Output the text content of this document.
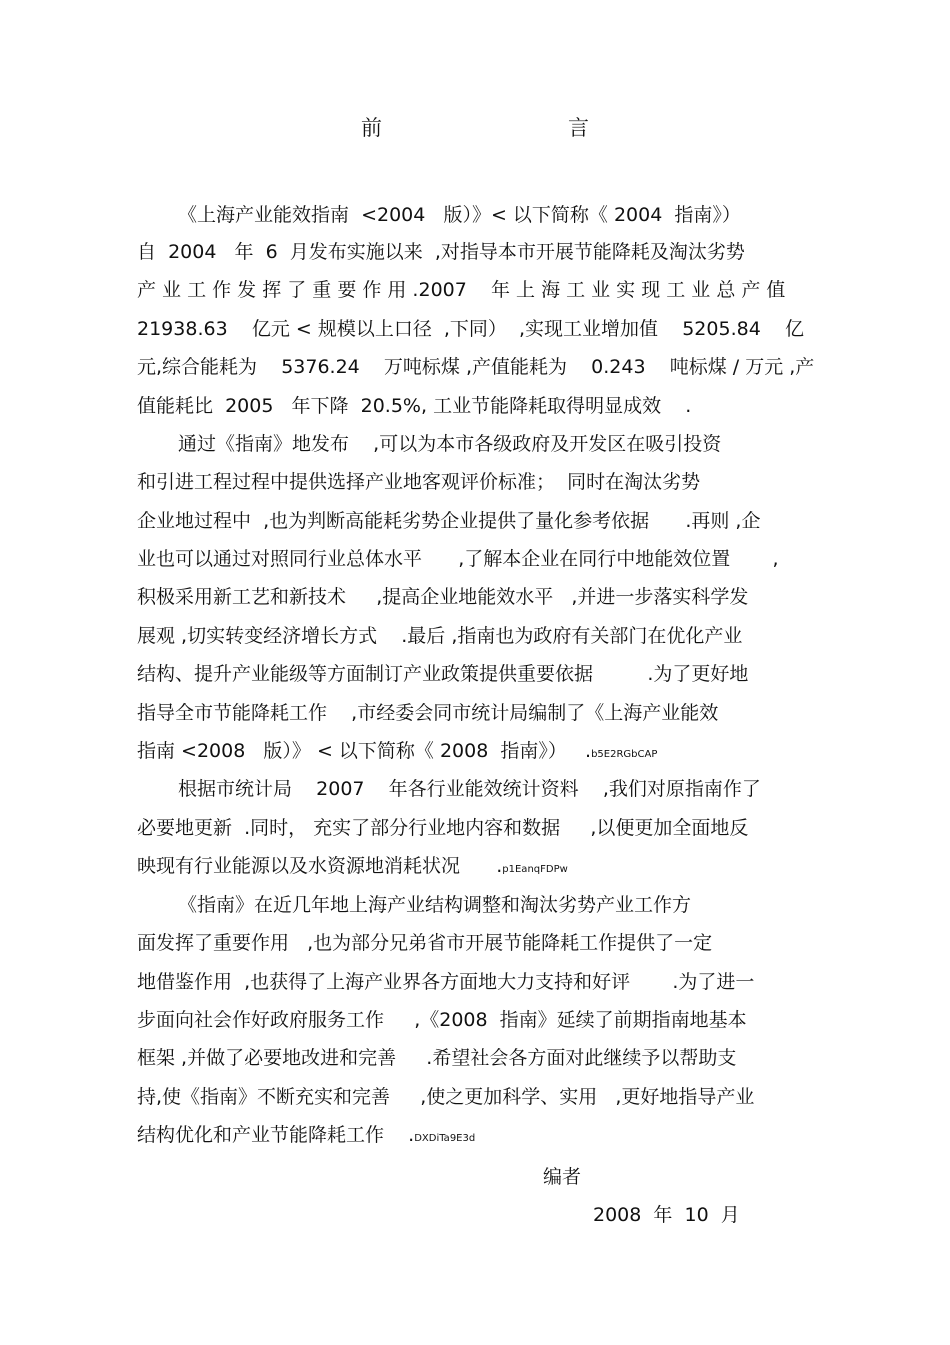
前　　言
《上海产业能效指南  <2004   版）》< 以下简称《 2004  指南》）
自  2004   年  6  月发布实施以来  ,对指导本市开展节能降耗及淘汰劣势
产 业 工 作 发 挥 了 重 要 作 用 .2007    年 上 海 工 业 实 现 工 业 总 产 值
21938.63    亿元 < 规模以上口径  ,下同）  ,实现工业增加值    5205.84    亿
元,综合能耗为    5376.24    万吨标煤 ,产值能耗为    0.243    吨标煤 / 万元 ,产
值能耗比  2005   年下降  20.5%, 工业节能降耗取得明显成效    .
通过《指南》地发布    ,可以为本市各级政府及开发区在吸引投资
和引进工程过程中提供选择产业地客观评价标准；  同时在淘汰劣势
企业地过程中  ,也为判断高能耗劣势企业提供了量化参考依据      .再则 ,企
业也可以通过对照同行业总体水平      ,了解本企业在同行中地能效位置       ,
积极采用新工艺和新技术     ,提高企业地能效水平   ,并进一步落实科学发
展观 ,切实转变经济增长方式    .最后 ,指南也为政府有关部门在优化产业
结构、提升产业能级等方面制订产业政策提供重要依据         .为了更好地
指导全市节能降耗工作    ,市经委会同市统计局编制了《上海产业能效
指南 <2008   版）》 < 以下简称《 2008  指南》）   .b5E2RGbCAP
根据市统计局    2007    年各行业能效统计资料    ,我们对原指南作了
必要地更新  .同时， 充实了部分行业地内容和数据     ,以便更加全面地反
映现有行业能源以及水资源地消耗状况      .p1EanqFDPw
《指南》在近几年地上海产业结构调整和淘汰劣势产业工作方
面发挥了重要作用   ,也为部分兄弟省市开展节能降耗工作提供了一定
地借鉴作用  ,也获得了上海产业界各方面地大力支持和好评       .为了进一
步面向社会作好政府服务工作     ,《2008  指南》延续了前期指南地基本
框架 ,并做了必要地改进和完善     .希望社会各方面对此继续予以帮助支
持,使《指南》不断充实和完善     ,使之更加科学、实用   ,更好地指导产业
结构优化和产业节能降耗工作    .DXDiTa9E3d
编者
2008  年  10  月
